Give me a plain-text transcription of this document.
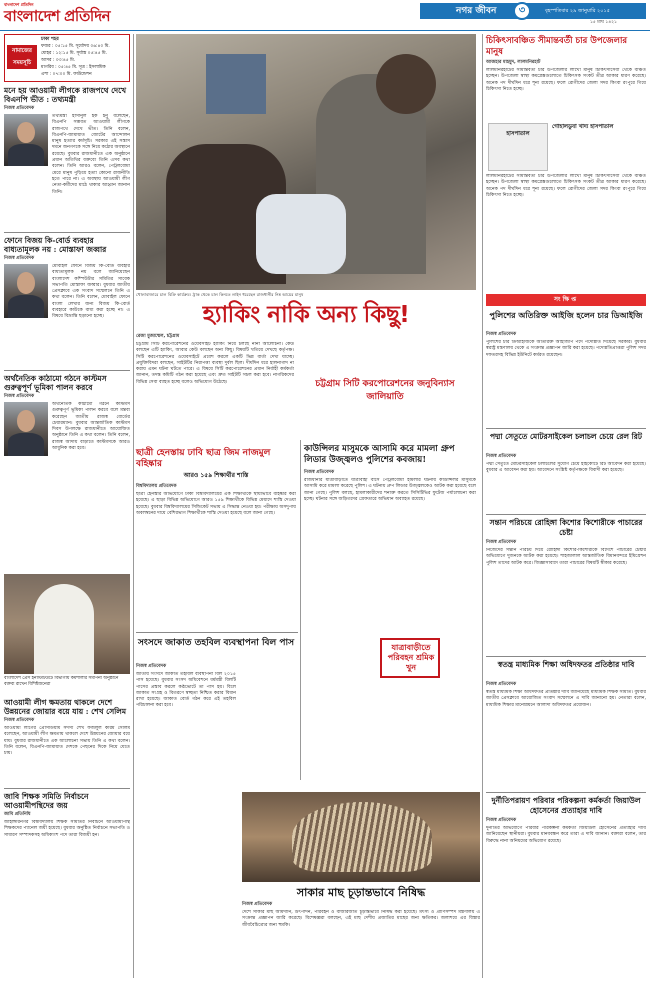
বাংলাদেশ প্রতিদিন
বাংলাদেশ প্রতিদিন	নগর জীবন	৩	বৃহস্পতিবার ২৯ জানুয়ারি ২০১৫
১৫ মাঘ ১৪২১
নামাজের সময়সূচি
ঢাকা শহর
ফজর : ০৫:১৫ মি. সূর্যোদয় ০৬:৪০ মি.
যোহর : ১২:১৫ মি. সূর্যাস্ত ০৫:৪৫ মি.
আসর : ০৩:৪৫ মি.
মাগরিব : ০৫:৪৫ মি. সূত্র : ইসলামিক
এশা : ০৭:০০ মি. ফাউন্ডেশন
মনে হয় আওয়ামী লীগকে রাজপথে দেখে বিএনপি ভীত : তথ্যমন্ত্রী
নিজস্ব প্রতিবেদক
তথ্যমন্ত্রী হাসানুল হক ইনু বলেছেন, বিএনপি সম্ভবত আওয়ামী লীগকে রাজপথে দেখে ভীত। তিনি বলেন, বিএনপি-জামায়াত জোটের আন্দোলন মানুষ হত্যার কর্মসূচি। সরকার এই সন্ত্রাস দমনে জনগণকে সঙ্গে নিয়ে কঠোর অবস্থানে রয়েছে। বুধবার রাজধানীতে এক অনুষ্ঠানে প্রধান অতিথির বক্তব্যে তিনি এসব কথা বলেন। তিনি আরও বলেন, পেট্রলবোমা মেরে মানুষ পুড়িয়ে হত্যা কোনো রাজনীতি হতে পারে না। এ অবস্থায় আওয়ামী লীগ নেতা-কর্মীদের মাঠে থাকার আহ্বান জানান তিনি।
ফোনে বিজয় কি-বোর্ড ব্যবহার বাধ্যতামূলক নয় : মোস্তাফা জব্বার
নিজস্ব প্রতিবেদক
মোবাইল ফোনে বিজয় কি-বোর্ড ব্যবহার বাধ্যতামূলক নয় বলে জানিয়েছেন বাংলাদেশ কম্পিউটার সমিতির সাবেক সভাপতি মোস্তাফা জব্বার। বুধবার জাতীয় প্রেসক্লাবে এক সংবাদ সম্মেলনে তিনি এ কথা বলেন। তিনি বলেন, মোবাইল ফোনে বাংলা লেখার জন্য বিজয় কি-বোর্ড ব্যবহারে কাউকে বাধ্য করা হচ্ছে না। এ বিষয়ে বিভ্রান্তি ছড়ানো হচ্ছে।
অর্থনৈতিক কাঠামো গঠনে কাস্টমস গুরুত্বপূর্ণ ভূমিকা পালন করবে
নিজস্ব প্রতিবেদক
অর্থনৈতিক কাঠামো গঠনে কাস্টমস গুরুত্বপূর্ণ ভূমিকা পালন করবে বলে মন্তব্য করেছেন জাতীয় রাজস্ব বোর্ডের চেয়ারম্যান। বুধবার আন্তর্জাতিক কাস্টমস দিবস উপলক্ষে রাজধানীতে আয়োজিত অনুষ্ঠানে তিনি এ কথা বলেন। তিনি বলেন, রাজস্ব আদায় বাড়াতে কাস্টমসকে আরও আধুনিক করা হবে।
বাংলাদেশ প্রেস ইনস্টিটিউটে বিভাগীয় কর্মশালার সমাপনী অনুষ্ঠানে বক্তব্য রাখেন বিশিষ্টজনেরা
আওয়ামী লীগ ক্ষমতায় থাকলে দেশে উন্নয়নের জোয়ার বয়ে যায় : শেখ সেলিম
নিজস্ব প্রতিবেদক
আওয়ামী লীগের প্রেসিডিয়াম সদস্য শেখ ফজলুল করিম সেলিম বলেছেন, আওয়ামী লীগ ক্ষমতায় থাকলে দেশে উন্নয়নের জোয়ার বয়ে যায়। বুধবার রাজধানীতে এক আলোচনা সভায় তিনি এ কথা বলেন। তিনি বলেন, বিএনপি-জামায়াত দেশকে পেছনের দিকে নিয়ে যেতে চায়।
জাবি শিক্ষক সমিতি নির্বাচনে আওয়ামীপন্থিদের জয়
জাবি প্রতিনিধি
জাহাঙ্গীরনগর বিশ্ববিদ্যালয় শিক্ষক সমিতির নির্বাচনে আওয়ামীপন্থি শিক্ষকদের প্যানেল জয়ী হয়েছে। বুধবার অনুষ্ঠিত নির্বাচনে সভাপতি ও সাধারণ সম্পাদকসহ অধিকাংশ পদে তারা বিজয়ী হন।
খোলাবাজারে চাল বিক্রি কার্যক্রম। ট্রাক থেকে চাল কিনতে লাইন ধরেছেন রাজধানীর নিম্ন আয়ের মানুষ
হ্যাকিং নাকি অন্য কিছু!
রেজা মুজাম্মেল, চট্টগ্রাম
চট্টগ্রাম সিটি করপোরেশনের ওয়েবসাইট হ্যাকিং নিয়ে চলছে নানা আলোচনা। কেউ বলছেন এটি হ্যাকিং, আবার কেউ বলছেন অন্য কিছু। বিষয়টি খতিয়ে দেখছে কর্তৃপক্ষ। সিটি করপোরেশনের ওয়েবসাইটে প্রবেশ করলে একটি ভিন্ন বার্তা দেখা যাচ্ছে। প্রযুক্তিবিদরা বলছেন, সাইটটির নিরাপত্তা ব্যবস্থা দুর্বল ছিল। দীর্ঘদিন ধরে হালনাগাদ না করায় এমন ঘটনা ঘটতে পারে। এ বিষয়ে সিটি করপোরেশনের প্রধান নির্বাহী কর্মকর্তা জানান, তদন্ত কমিটি গঠন করা হয়েছে এবং দ্রুত সাইটটি সচল করা হবে। নাগরিকদের বিভিন্ন সেবা ব্যাহত হচ্ছে বলেও অভিযোগ উঠেছে।	চট্টগ্রাম সিটি করপোরেশনের জনুবিন্যাস জালিয়াতি
ছাত্রী হেনস্তায় ঢাবি ছাত্র জিম নাজমুল বহিষ্কার
আরও ১৫৯ শিক্ষার্থীর শাস্তি
বিশ্ববিদ্যালয় প্রতিবেদক
ছাত্রী হেনস্তার অভিযোগে ঢাকা বিশ্ববিদ্যালয়ের এক শিক্ষার্থীকে স্থায়ীভাবে বহিষ্কার করা হয়েছে। এ ছাড়া বিভিন্ন অভিযোগে আরও ১৫৯ শিক্ষার্থীকে বিভিন্ন মেয়াদে শাস্তি দেওয়া হয়েছে। বুধবার বিশ্ববিদ্যালয়ের সিন্ডিকেট সভায় এ সিদ্ধান্ত নেওয়া হয়। পরীক্ষায় অসদুপায় অবলম্বনের দায়ে বেশিরভাগ শিক্ষার্থীকে শাস্তি দেওয়া হয়েছে বলে জানা গেছে।
কাউন্সিলর মাসুমকে আসামি করে মামলা গ্রুপ লিডার উজ্জ্বলও পুলিশের কবজায়!
নিজস্ব প্রতিবেদক
রাজধানীর যাত্রাবাড়ীতে যাত্রীবাহী বাসে পেট্রলবোমা হামলার ঘটনায় কাউন্সিলর মাসুমকে আসামি করে মামলা করেছে পুলিশ। এ ঘটনায় গ্রুপ লিডার উজ্জ্বলকেও আটক করা হয়েছে বলে জানা গেছে। পুলিশ বলছে, হামলাকারীদের শনাক্ত করতে সিসিটিভির ফুটেজ পর্যালোচনা করা হচ্ছে। ঘটনার সঙ্গে জড়িতদের গ্রেফতারে অভিযান অব্যাহত রয়েছে।
যাত্রাবাড়ীতে পরিবহন শ্রমিক খুন
সংসদে জাকাত তহবিল ব্যবস্থাপনা বিল পাস
নিজস্ব প্রতিবেদক
জাতীয় সংসদে জাকাত তহবিল ব্যবস্থাপনা বিল ২০১৫ পাস হয়েছে। বুধবার সংসদ অধিবেশনে ধর্মমন্ত্রী বিলটি পাসের প্রস্তাব করলে কণ্ঠভোটে তা পাস হয়। বিলে জাকাত সংগ্রহ ও বিতরণে স্বচ্ছতা নিশ্চিত করার বিধান রাখা হয়েছে। জাকাত বোর্ড গঠন করে এই তহবিল পরিচালনা করা হবে।
সাকার মাছ চূড়ান্তভাবে নিষিদ্ধ
নিজস্ব প্রতিবেদক
দেশে সাকার মাছ আমদানি, উৎপাদন, পরিবহন ও বাজারজাত চূড়ান্তভাবে নিষিদ্ধ করা হয়েছে। মৎস্য ও প্রাণিসম্পদ মন্ত্রণালয় এ সংক্রান্ত প্রজ্ঞাপন জারি করেছে। বিশেষজ্ঞরা বলছেন, এই মাছ দেশীয় প্রজাতির মাছের জন্য ক্ষতিকর। জলাশয়ে এর বিস্তার জীববৈচিত্র্যের জন্য হুমকি।
চিকিৎসাবঞ্চিত সীমান্তবর্তী চার উপজেলার মানুষ
আজহার মাহমুদ, লালমনিরহাট
লালমনিরহাটের সীমান্তবর্তী চার উপজেলার লাখো মানুষ চিকিৎসাসেবা থেকে বঞ্চিত হচ্ছেন। উপজেলা স্বাস্থ্য কমপ্লেক্সগুলোতে চিকিৎসক সংকট তীব্র আকার ধারণ করেছে। অনেক পদ দীর্ঘদিন ধরে শূন্য রয়েছে। ফলে রোগীদের জেলা সদর কিংবা রংপুরে গিয়ে চিকিৎসা নিতে হচ্ছে।
হাসপাতাল
গোহালডুবা খাদ্য হাসপাতাল
লালমনিরহাটের সীমান্তবর্তী চার উপজেলার লাখো মানুষ চিকিৎসাসেবা থেকে বঞ্চিত হচ্ছেন। উপজেলা স্বাস্থ্য কমপ্লেক্সগুলোতে চিকিৎসক সংকট তীব্র আকার ধারণ করেছে। অনেক পদ দীর্ঘদিন ধরে শূন্য রয়েছে। ফলে রোগীদের জেলা সদর কিংবা রংপুরে গিয়ে চিকিৎসা নিতে হচ্ছে।
সংক্ষিপ্ত
পুলিশের অতিরিক্ত আইজি হলেন চার ডিআইজি
নিজস্ব প্রতিবেদক
পুলিশের চার ডিআইজিকে অতিরিক্ত আইজিপি পদে পদোন্নতি দিয়েছে সরকার। বুধবার স্বরাষ্ট্র মন্ত্রণালয় থেকে এ সংক্রান্ত প্রজ্ঞাপন জারি করা হয়েছে। পদোন্নতিপ্রাপ্তরা পুলিশ সদর দফতরসহ বিভিন্ন ইউনিটে কর্মরত রয়েছেন।
পদ্মা সেতুতে মোটরসাইকেল চলাচল চেয়ে রেল রিট
নিজস্ব প্রতিবেদক
পদ্মা সেতুতে মোটরসাইকেল চলাচলের সুযোগ চেয়ে হাইকোর্টে রিট আবেদন করা হয়েছে। বুধবার এ আবেদন করা হয়। আবেদনে সংশ্লিষ্ট কর্তৃপক্ষকে বিবাদী করা হয়েছে।
সন্তান পরিচয়ে রোহিঙ্গা কিশোর কিশোরীকে পাচারের চেষ্টা
নিজস্ব প্রতিবেদক
নিজেদের সন্তান পরিচয় দিয়ে রোহিঙ্গা কিশোর-কিশোরীকে বিদেশে পাচারের চেষ্টার অভিযোগে দুজনকে আটক করা হয়েছে। শাহজালাল আন্তর্জাতিক বিমানবন্দরে ইমিগ্রেশন পুলিশ তাদের আটক করে। জিজ্ঞাসাবাদে তারা পাচারের বিষয়টি স্বীকার করেছে।
স্বতন্ত্র মাধ্যমিক শিক্ষা অধিদফতর প্রতিষ্ঠার দাবি
নিজস্ব প্রতিবেদক
স্বতন্ত্র মাধ্যমিক শিক্ষা অধিদফতর প্রতিষ্ঠার দাবি জানিয়েছে মাধ্যমিক শিক্ষক সমিতি। বুধবার জাতীয় প্রেসক্লাবে আয়োজিত সংবাদ সম্মেলনে এ দাবি জানানো হয়। নেতারা বলেন, মাধ্যমিক শিক্ষার মানোন্নয়নে আলাদা অধিদফতর প্রয়োজন।
দুর্নীতিপরায়ণ পরিবার পরিকল্পনা কর্মকর্তা জিয়াউল হোসেনের প্রত্যাহার দাবি
নিজস্ব প্রতিবেদক
দুর্নীতির অভিযোগে পরিবার পরিকল্পনা কর্মকর্তা জিয়াউল হোসেনের প্রত্যাহার দাবি জানিয়েছেন স্থানীয়রা। বুধবার মানববন্ধন করে তারা এ দাবি জানান। বক্তারা বলেন, তার বিরুদ্ধে নানা অনিয়মের অভিযোগ রয়েছে।
